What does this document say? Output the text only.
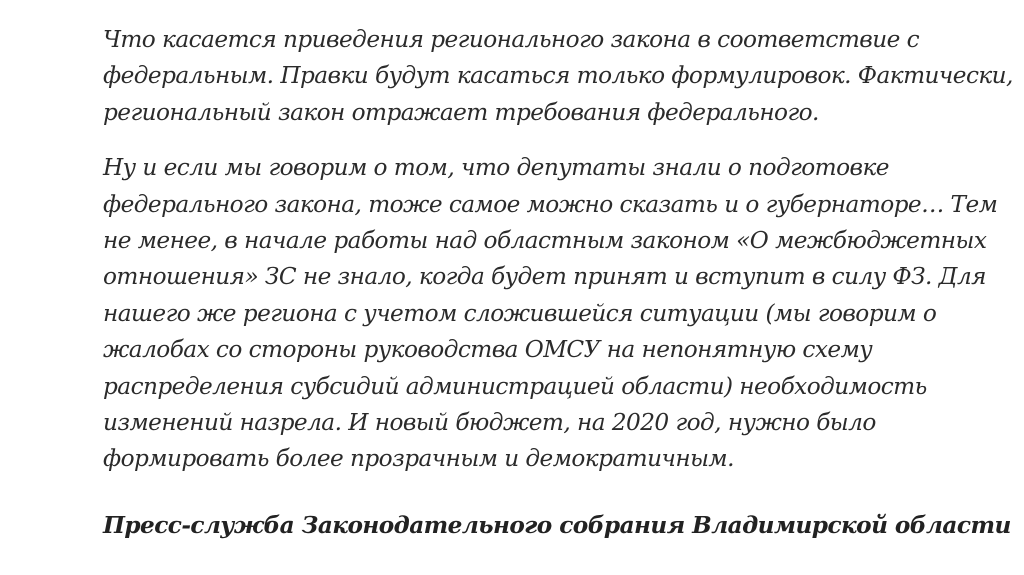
Что касается приведения регионального закона в соответствие с
федеральным. Правки будут касаться только формулировок. Фактически,
региональный закон отражает требования федерального.
Ну и если мы говорим о том, что депутаты знали о подготовке
федерального закона, тоже самое можно сказать и о губернаторе… Тем
не менее, в начале работы над областным законом «О межбюджетных
отношения» ЗС не знало, когда будет принят и вступит в силу ФЗ. Для
нашего же региона с учетом сложившейся ситуации (мы говорим о
жалобах со стороны руководства ОМСУ на непонятную схему
распределения субсидий администрацией области) необходимость
изменений назрела. И новый бюджет, на 2020 год, нужно было
формировать более прозрачным и демократичным.
Пресс-служба Законодательного собрания Владимирской области
